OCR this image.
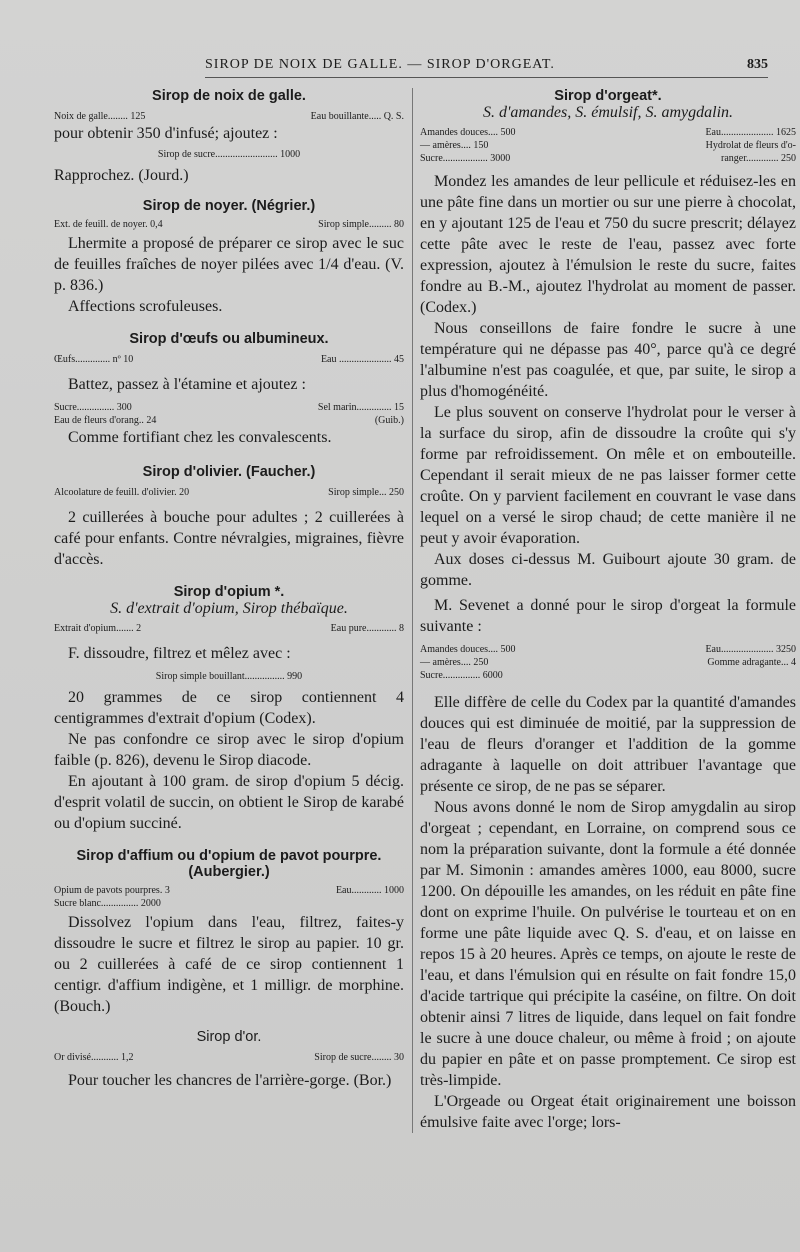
SIROP DE NOIX DE GALLE. — SIROP D'ORGEAT.	835

Sirop de noix de galle.

Noix de galle........ 125	Eau bouillante..... Q. S.

pour obtenir 350 d'infusé; ajoutez :

Sirop de sucre......................... 1000

Rapprochez. (Jourd.)

Sirop de noyer. (Négrier.)

Ext. de feuill. de noyer. 0,4	Sirop simple......... 80

Lhermite a proposé de préparer ce sirop avec le suc de feuilles fraîches de noyer pilées avec 1/4 d'eau. (V. p. 836.)

Affections scrofuleuses.

Sirop d'œufs ou albumineux.

Œufs.............. nº 10	Eau ..................... 45

Battez, passez à l'étamine et ajoutez :

Sucre............... 300	Sel marin.............. 15
Eau de fleurs d'orang.. 24	(Guib.)

Comme fortifiant chez les convalescents.

Sirop d'olivier. (Faucher.)

Alcoolature de feuill. d'olivier. 20	Sirop simple... 250

2 cuillerées à bouche pour adultes ; 2 cuillerées à café pour enfants. Contre névralgies, migraines, fièvre d'accès.

Sirop d'opium *.

S. d'extrait d'opium, Sirop thébaïque.

Extrait d'opium....... 2	Eau pure............ 8

F. dissoudre, filtrez et mêlez avec :

Sirop simple bouillant................ 990

20 grammes de ce sirop contiennent 4 centigrammes d'extrait d'opium (Codex).

Ne pas confondre ce sirop avec le sirop d'opium faible (p. 826), devenu le Sirop diacode.

En ajoutant à 100 gram. de sirop d'opium 5 décig. d'esprit volatil de succin, on obtient le Sirop de karabé ou d'opium succiné.

Sirop d'affium ou d'opium de pavot pourpre. (Aubergier.)

Opium de pavots pourpres. 3	Eau............ 1000

Sucre blanc............... 2000

Dissolvez l'opium dans l'eau, filtrez, faites-y dissoudre le sucre et filtrez le sirop au papier. 10 gr. ou 2 cuillerées à café de ce sirop contiennent 1 centigr. d'affium indigène, et 1 milligr. de morphine. (Bouch.)

Sirop d'or.

Or divisé........... 1,2	Sirop de sucre........ 30

Pour toucher les chancres de l'arrière-gorge. (Bor.)

Sirop d'orgeat*.

S. d'amandes, S. émulsif, S. amygdalin.

Amandes douces.... 500	Eau..................... 1625
— amères.... 150	Hydrolat de fleurs d'o-
Sucre.................. 3000	ranger............. 250

Mondez les amandes de leur pellicule et réduisez-les en une pâte fine dans un mortier ou sur une pierre à chocolat, en y ajoutant 125 de l'eau et 750 du sucre prescrit; délayez cette pâte avec le reste de l'eau, passez avec forte expression, ajoutez à l'émulsion le reste du sucre, faites fondre au B.-M., ajoutez l'hydrolat au moment de passer. (Codex.)

Nous conseillons de faire fondre le sucre à une température qui ne dépasse pas 40°, parce qu'à ce degré l'albumine n'est pas coagulée, et que, par suite, le sirop a plus d'homogénéité.

Le plus souvent on conserve l'hydrolat pour le verser à la surface du sirop, afin de dissoudre la croûte qui s'y forme par refroidissement. On mêle et on embouteille. Cependant il serait mieux de ne pas laisser former cette croûte. On y parvient facilement en couvrant le vase dans lequel on a versé le sirop chaud; de cette manière il ne peut y avoir évaporation.

Aux doses ci-dessus M. Guibourt ajoute 30 gram. de gomme.

M. Sevenet a donné pour le sirop d'orgeat la formule suivante :

Amandes douces.... 500	Eau..................... 3250
— amères.... 250	Gomme adragante... 4

Sucre............... 6000

Elle diffère de celle du Codex par la quantité d'amandes douces qui est diminuée de moitié, par la suppression de l'eau de fleurs d'oranger et l'addition de la gomme adragante à laquelle on doit attribuer l'avantage que présente ce sirop, de ne pas se séparer.

Nous avons donné le nom de Sirop amygdalin au sirop d'orgeat ; cependant, en Lorraine, on comprend sous ce nom la préparation suivante, dont la formule a été donnée par M. Simonin : amandes amères 1000, eau 8000, sucre 1200. On dépouille les amandes, on les réduit en pâte fine dont on exprime l'huile. On pulvérise le tourteau et on en forme une pâte liquide avec Q. S. d'eau, et on laisse en repos 15 à 20 heures. Après ce temps, on ajoute le reste de l'eau, et dans l'émulsion qui en résulte on fait fondre 15,0 d'acide tartrique qui précipite la caséine, on filtre. On doit obtenir ainsi 7 litres de liquide, dans lequel on fait fondre le sucre à une douce chaleur, ou même à froid ; on ajoute du papier en pâte et on passe promptement. Ce sirop est très-limpide.

L'Orgeade ou Orgeat était originairement une boisson émulsive faite avec l'orge; lors-
